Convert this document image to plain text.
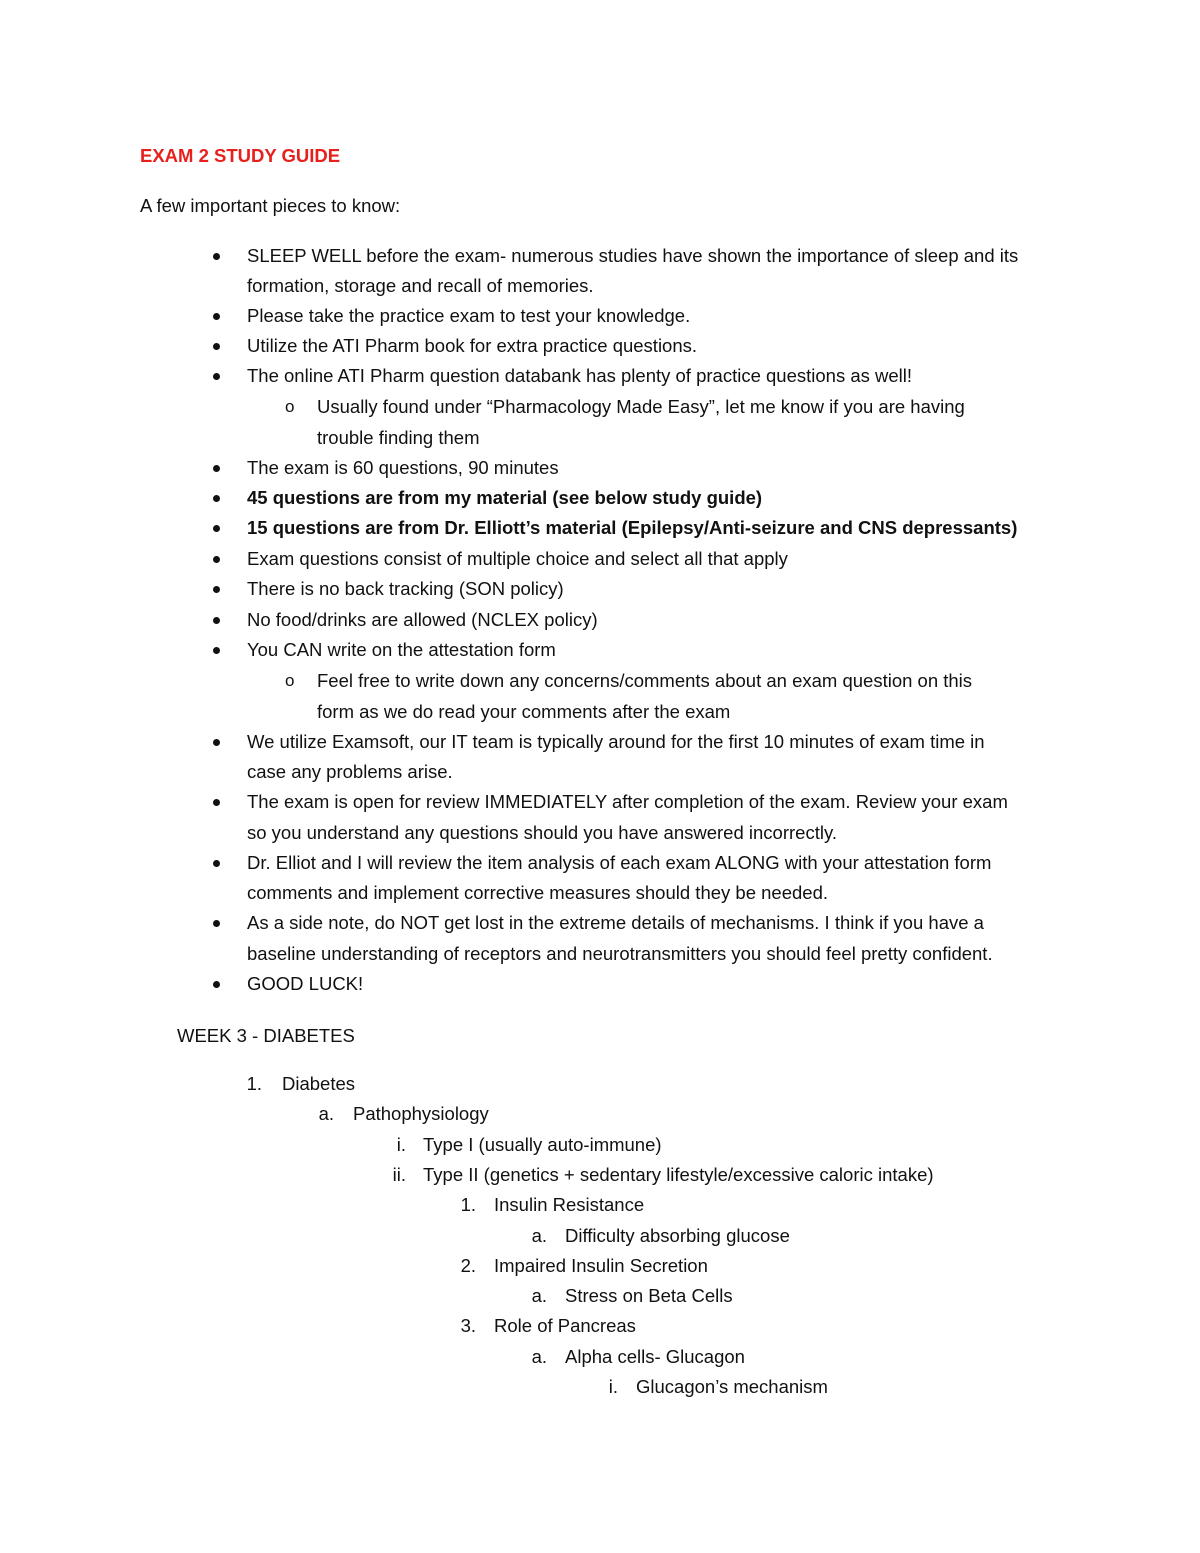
EXAM 2 STUDY GUIDE
A few important pieces to know:
SLEEP WELL before the exam- numerous studies have shown the importance of sleep and its
formation, storage and recall of memories.
Please take the practice exam to test your knowledge.
Utilize the ATI Pharm book for extra practice questions.
The online ATI Pharm question databank has plenty of practice questions as well!
o Usually found under “Pharmacology Made Easy”, let me know if you are having
trouble finding them
The exam is 60 questions, 90 minutes
45 questions are from my material (see below study guide)
15 questions are from Dr. Elliott’s material (Epilepsy/Anti-seizure and CNS depressants)
Exam questions consist of multiple choice and select all that apply
There is no back tracking (SON policy)
No food/drinks are allowed (NCLEX policy)
You CAN write on the attestation form
o Feel free to write down any concerns/comments about an exam question on this
form as we do read your comments after the exam
We utilize Examsoft, our IT team is typically around for the first 10 minutes of exam time in
case any problems arise.
The exam is open for review IMMEDIATELY after completion of the exam. Review your exam
so you understand any questions should you have answered incorrectly.
Dr. Elliot and I will review the item analysis of each exam ALONG with your attestation form
comments and implement corrective measures should they be needed.
As a side note, do NOT get lost in the extreme details of mechanisms. I think if you have a
baseline understanding of receptors and neurotransmitters you should feel pretty confident.
GOOD LUCK!
WEEK 3 - DIABETES
1. Diabetes
a. Pathophysiology
i. Type I (usually auto-immune)
ii. Type II (genetics + sedentary lifestyle/excessive caloric intake)
1. Insulin Resistance
a. Difficulty absorbing glucose
2. Impaired Insulin Secretion
a. Stress on Beta Cells
3. Role of Pancreas
a. Alpha cells- Glucagon
i. Glucagon’s mechanism
